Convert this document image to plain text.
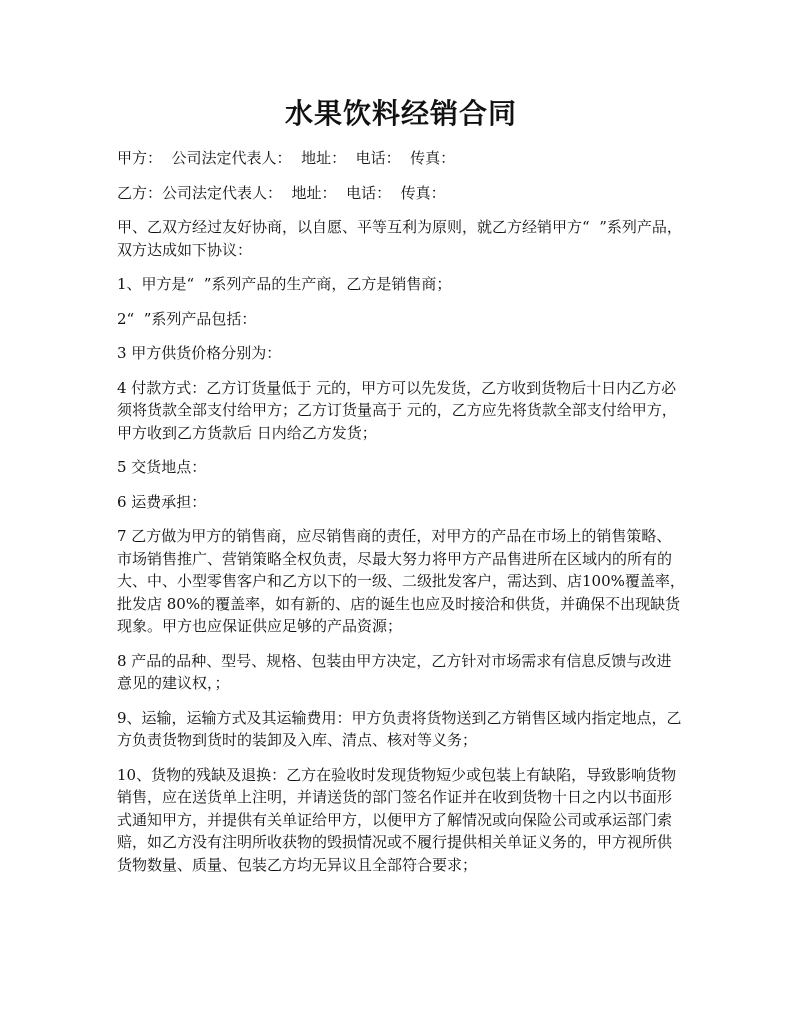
水果饮料经销合同

甲方：  公司法定代表人：  地址：  电话：  传真：

乙方：公司法定代表人：  地址：  电话：  传真：

甲、乙双方经过友好协商，以自愿、平等互利为原则，就乙方经销甲方“  ”系列产品，双方达成如下协议：

1、甲方是“  ”系列产品的生产商，乙方是销售商；

2“  ”系列产品包括：

3 甲方供货价格分别为：

4 付款方式：乙方订货量低于 元的，甲方可以先发货，乙方收到货物后十日内乙方必须将货款全部支付给甲方；乙方订货量高于 元的，乙方应先将货款全部支付给甲方，甲方收到乙方货款后 日内给乙方发货；

5 交货地点：

6 运费承担：

7 乙方做为甲方的销售商，应尽销售商的责任，对甲方的产品在市场上的销售策略、市场销售推广、营销策略全权负责，尽最大努力将甲方产品售进所在区域内的所有的大、中、小型零售客户和乙方以下的一级、二级批发客户，需达到、店100%覆盖率，批发店 80%的覆盖率，如有新的、店的诞生也应及时接洽和供货，并确保不出现缺货现象。甲方也应保证供应足够的产品资源；

8 产品的品种、型号、规格、包装由甲方决定，乙方针对市场需求有信息反馈与改进意见的建议权，；

9、运输，运输方式及其运输费用：甲方负责将货物送到乙方销售区域内指定地点，乙方负责货物到货时的装卸及入库、清点、核对等义务；

10、货物的残缺及退换：乙方在验收时发现货物短少或包装上有缺陷，导致影响货物销售，应在送货单上注明，并请送货的部门签名作证并在收到货物十日之内以书面形式通知甲方，并提供有关单证给甲方，以便甲方了解情况或向保险公司或承运部门索赔，如乙方没有注明所收获物的毁损情况或不履行提供相关单证义务的，甲方视所供货物数量、质量、包装乙方均无异议且全部符合要求；
